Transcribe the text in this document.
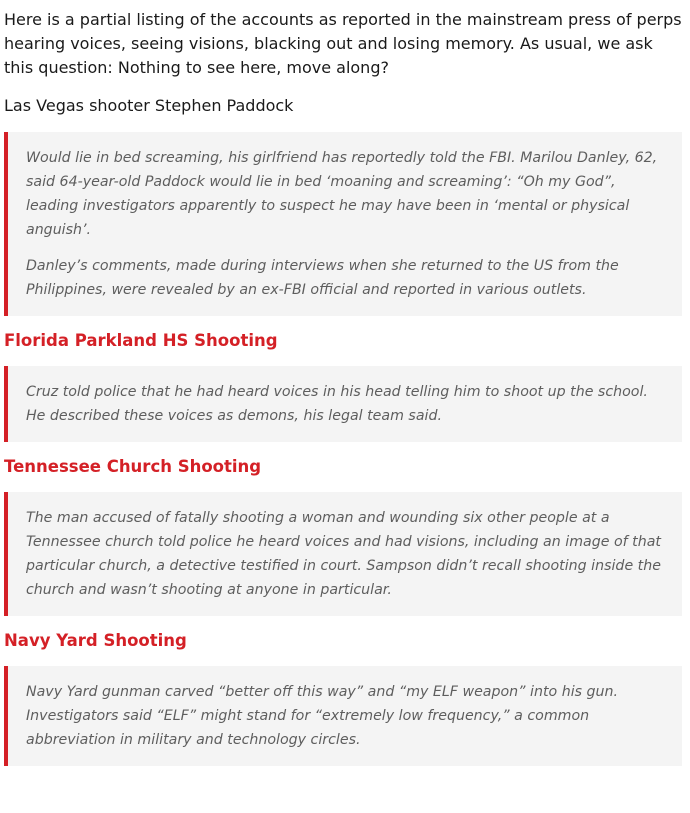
Here is a partial listing of the accounts as reported in the mainstream press of perps hearing voices, seeing visions, blacking out and losing memory. As usual, we ask this question: Nothing to see here, move along?

Las Vegas shooter Stephen Paddock

Would lie in bed screaming, his girlfriend has reportedly told the FBI. Marilou Danley, 62, said 64-year-old Paddock would lie in bed ‘moaning and screaming’: “Oh my God”, leading investigators apparently to suspect he may have been in ‘mental or physical anguish’.

Danley’s comments, made during interviews when she returned to the US from the Philippines, were revealed by an ex-FBI official and reported in various outlets.

Florida Parkland HS Shooting

Cruz told police that he had heard voices in his head telling him to shoot up the school. He described these voices as demons, his legal team said.

Tennessee Church Shooting

The man accused of fatally shooting a woman and wounding six other people at a Tennessee church told police he heard voices and had visions, including an image of that particular church, a detective testified in court. Sampson didn’t recall shooting inside the church and wasn’t shooting at anyone in particular.

Navy Yard Shooting

Navy Yard gunman carved “better off this way” and “my ELF weapon” into his gun. Investigators said “ELF” might stand for “extremely low frequency,” a common abbreviation in military and technology circles.
